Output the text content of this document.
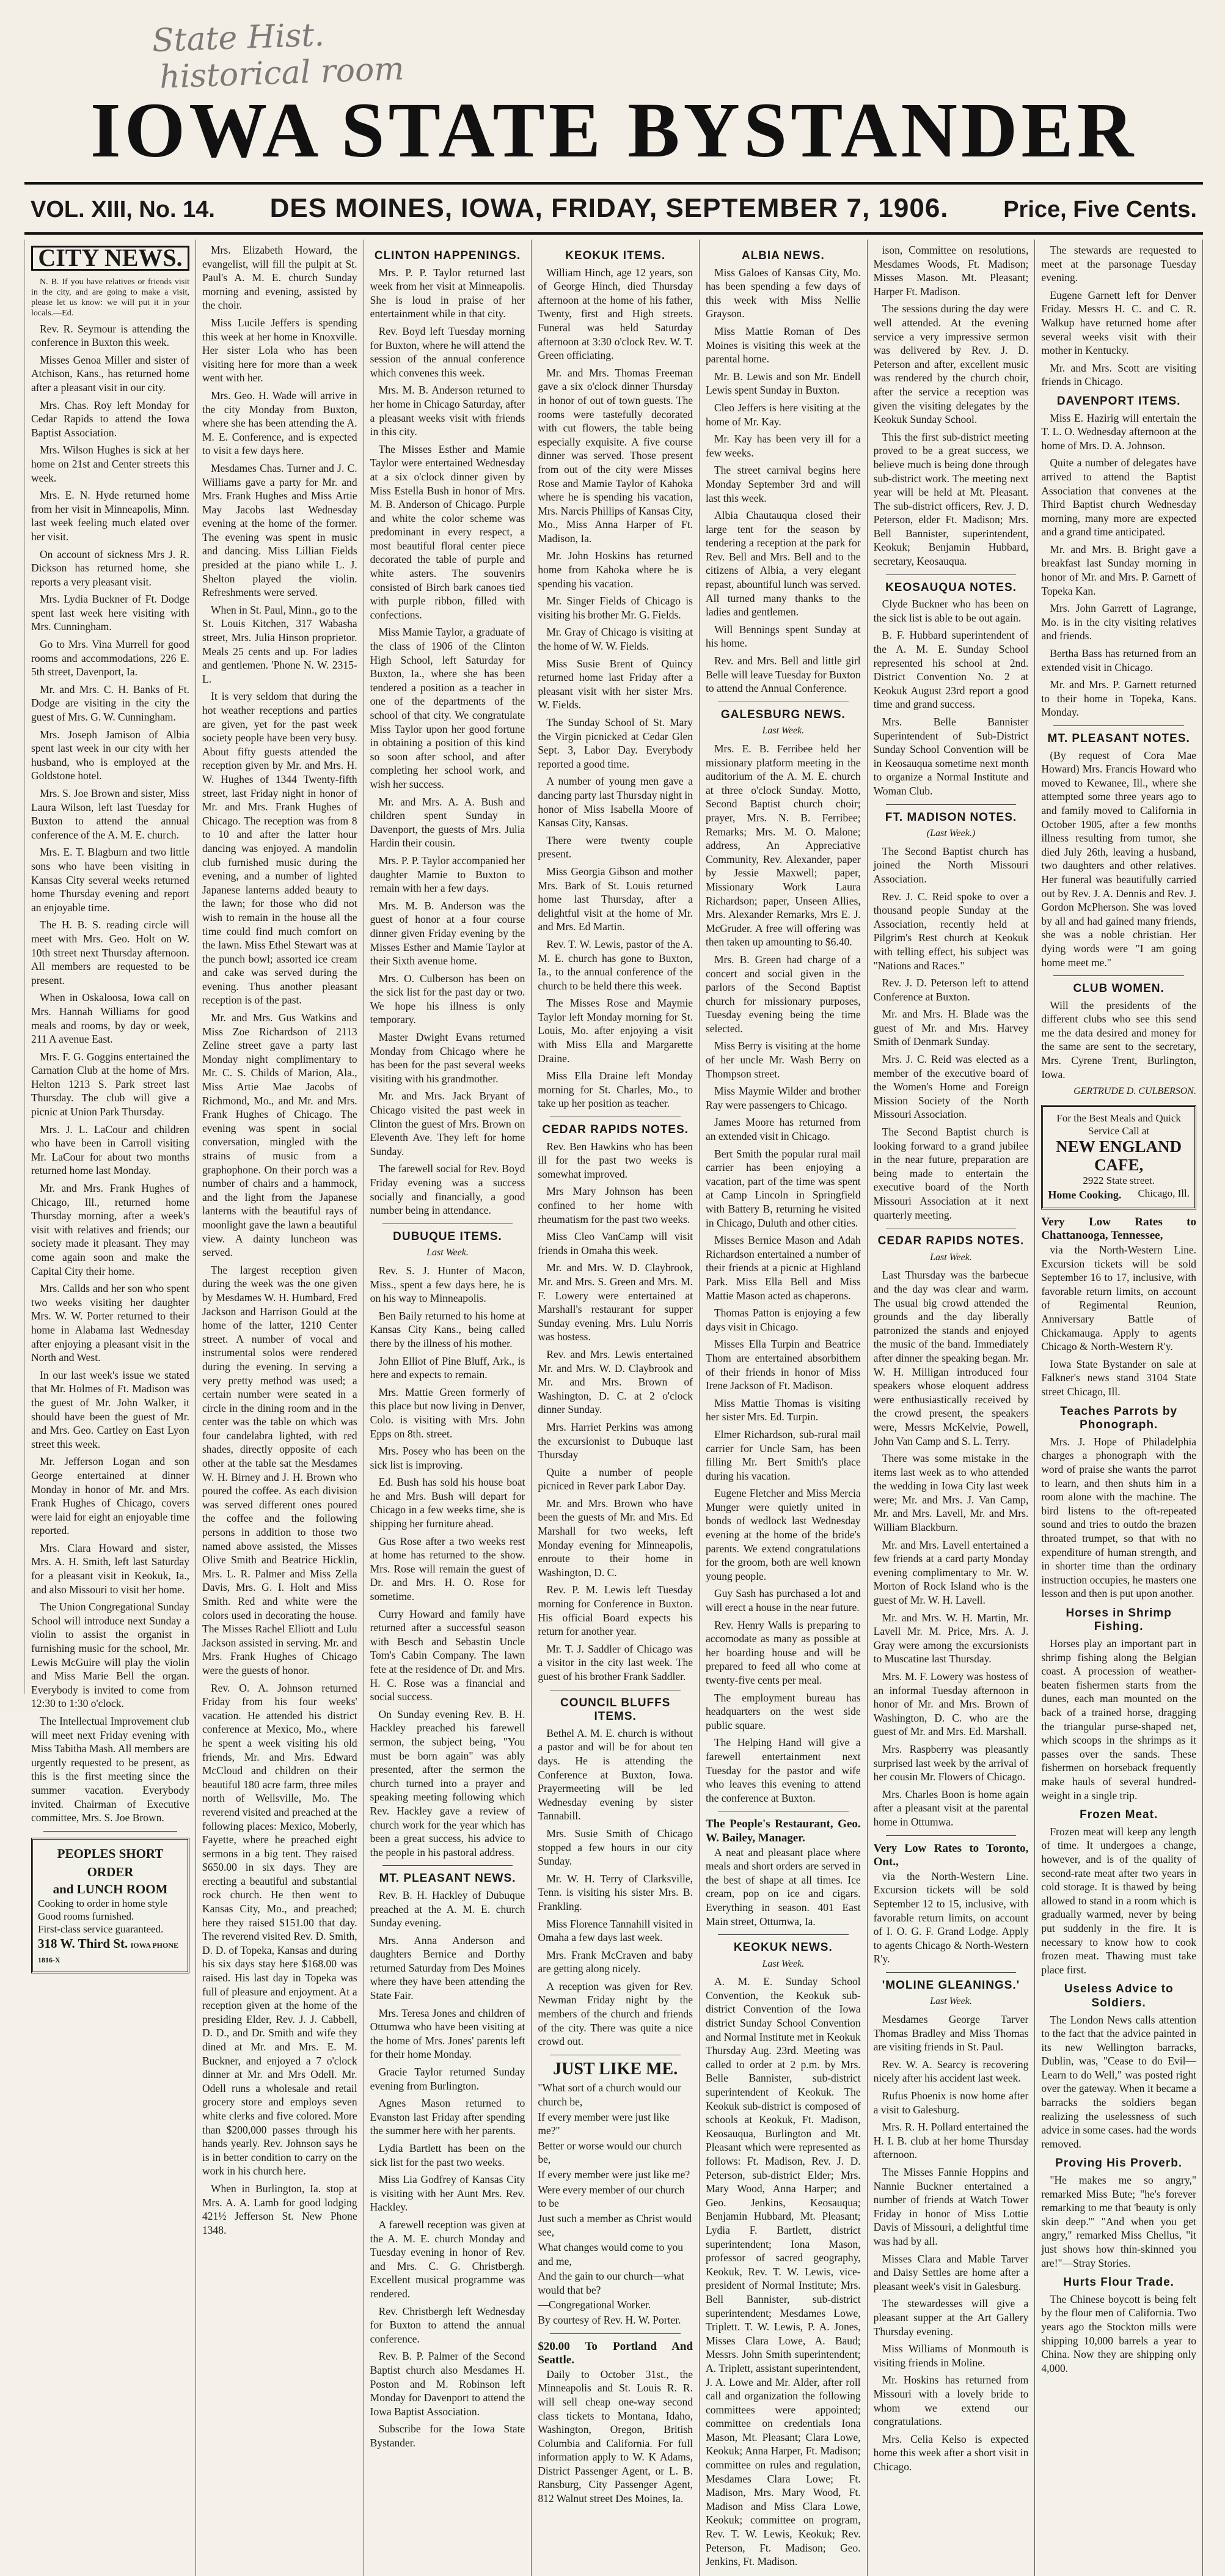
State Hist.
historical room
IOWA STATE BYSTANDER
VOL. XIII, No. 14. DES MOINES, IOWA, FRIDAY, SEPTEMBER 7, 1906. Price, Five Cents.
CITY NEWS.

N. B. If you have relatives or friends visit in the city, and are going to make a visit, please let us know: we will put it in your locals.—Ed.

Rev. R. Seymour is attending the conference in Buxton this week.

Misses Genoa Miller and sister of Atchison, Kans., has returned home after a pleasant visit in our city.

Mrs. Chas. Roy left Monday for Cedar Rapids to attend the Iowa Baptist Association.

Mrs. Wilson Hughes is sick at her home on 21st and Center streets this week.

Mrs. E. N. Hyde returned home from her visit in Minneapolis, Minn. last week feeling much elated over her visit.

On account of sickness Mrs J. R. Dickson has returned home, she reports a very pleasant visit.

Mrs. Lydia Buckner of Ft. Dodge spent last week here visiting with Mrs. Cunningham.

Go to Mrs. Vina Murrell for good rooms and accommodations, 226 E. 5th street, Davenport, Ia.

Mr. and Mrs. C. H. Banks of Ft. Dodge are visiting in the city the guest of Mrs. G. W. Cunningham.

Mrs. Joseph Jamison of Albia spent last week in our city with her husband, who is employed at the Goldstone hotel.

Mrs. S. Joe Brown and sister, Miss Laura Wilson, left last Tuesday for Buxton to attend the annual conference of the A. M. E. church.

Mrs. E. T. Blagburn and two little sons who have been visiting in Kansas City several weeks returned home Thursday evening and report an enjoyable time.

The H. B. S. reading circle will meet with Mrs. Geo. Holt on W. 10th street next Thursday afternoon. All members are requested to be present.

When in Oskaloosa, Iowa call on Mrs. Hannah Williams for good meals and rooms, by day or week, 211 A avenue East.

Mrs. F. G. Goggins entertained the Carnation Club at the home of Mrs. Helton 1213 S. Park street last Thursday. The club will give a picnic at Union Park Thursday.

Mrs. J. L. LaCour and children who have been in Carroll visiting Mr. LaCour for about two months returned home last Monday.

Mr. and Mrs. Frank Hughes of Chicago, Ill., returned home Thursday morning, after a week's visit with relatives and friends; our society made it pleasant. They may come again soon and make the Capital City their home.

Mrs. Callds and her son who spent two weeks visiting her daughter Mrs. W. W. Porter returned to their home in Alabama last Wednesday after enjoying a pleasant visit in the North and West.

In our last week's issue we stated that Mr. Holmes of Ft. Madison was the guest of Mr. John Walker, it should have been the guest of Mr. and Mrs. Geo. Cartley on East Lyon street this week.

Mr. Jefferson Logan and son George entertained at dinner Monday in honor of Mr. and Mrs. Frank Hughes of Chicago, covers were laid for eight an enjoyable time reported.

Mrs. Clara Howard and sister, Mrs. A. H. Smith, left last Saturday for a pleasant visit in Keokuk, Ia., and also Missouri to visit her home.

The Union Congregational Sunday School will introduce next Sunday a violin to assist the organist in furnishing music for the school, Mr. Lewis McGuire will play the violin and Miss Marie Bell the organ. Everybody is invited to come from 12:30 to 1:30 o'clock.

The Intellectual Improvement club will meet next Friday evening with Miss Tabitha Mash. All members are urgently requested to be present, as this is the first meeting since the summer vacation. Everybody invited. Chairman of Executive committee, Mrs. S. Joe Brown.

PEOPLES SHORT ORDER
and LUNCH ROOM
Cooking to order in home style
Good rooms furnished.
First-class service guaranteed.
318 W. Third St. IOWA PHONE 1816-X

Mrs. Elizabeth Howard, the evangelist, will fill the pulpit at St. Paul's A. M. E. church Sunday morning and evening, assisted by the choir.

Miss Lucile Jeffers is spending this week at her home in Knoxville. Her sister Lola who has been visiting here for more than a week went with her.

Mrs. Geo. H. Wade will arrive in the city Monday from Buxton, where she has been attending the A. M. E. Conference, and is expected to visit a few days here.

Mesdames Chas. Turner and J. C. Williams gave a party for Mr. and Mrs. Frank Hughes and Miss Artie May Jacobs last Wednesday evening at the home of the former. The evening was spent in music and dancing. Miss Lillian Fields presided at the piano while L. J. Shelton played the violin. Refreshments were served.

When in St. Paul, Minn., go to the St. Louis Kitchen, 317 Wabasha street, Mrs. Julia Hinson proprietor. Meals 25 cents and up. For ladies and gentlemen. 'Phone N. W. 2315-L.

It is very seldom that during the hot weather receptions and parties are given, yet for the past week society people have been very busy. About fifty guests attended the reception given by Mr. and Mrs. H. W. Hughes of 1344 Twenty-fifth street, last Friday night in honor of Mr. and Mrs. Frank Hughes of Chicago. The reception was from 8 to 10 and after the latter hour dancing was enjoyed. A mandolin club furnished music during the evening, and a number of lighted Japanese lanterns added beauty to the lawn; for those who did not wish to remain in the house all the time could find much comfort on the lawn. Miss Ethel Stewart was at the punch bowl; assorted ice cream and cake was served during the evening. Thus another pleasant reception is of the past.

Mr. and Mrs. Gus Watkins and Miss Zoe Richardson of 2113 Zeline street gave a party last Monday night complimentary to Mr. C. S. Childs of Marion, Ala., Miss Artie Mae Jacobs of Richmond, Mo., and Mr. and Mrs. Frank Hughes of Chicago. The evening was spent in social conversation, mingled with the strains of music from a graphophone. On their porch was a number of chairs and a hammock, and the light from the Japanese lanterns with the beautiful rays of moonlight gave the lawn a beautiful view. A dainty luncheon was served.

The largest reception given during the week was the one given by Mesdames W. H. Humbard, Fred Jackson and Harrison Gould at the home of the latter, 1210 Center street. A number of vocal and instrumental solos were rendered during the evening. In serving a very pretty method was used; a certain number were seated in a circle in the dining room and in the center was the table on which was four candelabra lighted, with red shades, directly opposite of each other at the table sat the Mesdames W. H. Birney and J. H. Brown who poured the coffee. As each division was served different ones poured the coffee and the following persons in addition to those two named above assisted, the Misses Olive Smith and Beatrice Hicklin, Mrs. L. R. Palmer and Miss Zella Davis, Mrs. G. I. Holt and Miss Smith. Red and white were the colors used in decorating the house. The Misses Rachel Elliott and Lulu Jackson assisted in serving. Mr. and Mrs. Frank Hughes of Chicago were the guests of honor.

Rev. O. A. Johnson returned Friday from his four weeks' vacation. He attended his district conference at Mexico, Mo., where he spent a week visiting his old friends, Mr. and Mrs. Edward McCloud and children on their beautiful 180 acre farm, three miles north of Wellsville, Mo. The reverend visited and preached at the following places: Mexico, Moberly, Fayette, where he preached eight sermons in a big tent. They raised $650.00 in six days. They are erecting a beautiful and substantial rock church. He then went to Kansas City, Mo., and preached; here they raised $151.00 that day. The reverend visited Rev. D. Smith, D. D. of Topeka, Kansas and during his six days stay here $168.00 was raised. His last day in Topeka was full of pleasure and enjoyment. At a reception given at the home of the presiding Elder, Rev. J. J. Cabbell, D. D., and Dr. Smith and wife they dined at Mr. and Mrs. E. M. Buckner, and enjoyed a 7 o'clock dinner at Mr. and Mrs Odell. Mr. Odell runs a wholesale and retail grocery store and employs seven white clerks and five colored. More than $200,000 passes through his hands yearly. Rev. Johnson says he is in better condition to carry on the work in his church here.

When in Burlington, Ia. stop at Mrs. A. A. Lamb for good lodging 421½ Jefferson St. New Phone 1348.

CLINTON HAPPENINGS.

Mrs. P. P. Taylor returned last week from her visit at Minneapolis. She is loud in praise of her entertainment while in that city.

Rev. Boyd left Tuesday morning for Buxton, where he will attend the session of the annual conference which convenes this week.

Mrs. M. B. Anderson returned to her home in Chicago Saturday, after a pleasant weeks visit with friends in this city.

The Misses Esther and Mamie Taylor were entertained Wednesday at a six o'clock dinner given by Miss Estella Bush in honor of Mrs. M. B. Anderson of Chicago. Purple and white the color scheme was predominant in every respect, a most beautiful floral center piece decorated the table of purple and white asters. The souvenirs consisted of Birch bark canoes tied with purple ribbon, filled with confections.

Miss Mamie Taylor, a graduate of the class of 1906 of the Clinton High School, left Saturday for Buxton, Ia., where she has been tendered a position as a teacher in one of the departments of the school of that city. We congratulate Miss Taylor upon her good fortune in obtaining a position of this kind so soon after school, and after completing her school work, and wish her success.

Mr. and Mrs. A. A. Bush and children spent Sunday in Davenport, the guests of Mrs. Julia Hardin their cousin.

Mrs. P. P. Taylor accompanied her daughter Mamie to Buxton to remain with her a few days.

Mrs. M. B. Anderson was the guest of honor at a four course dinner given Friday evening by the Misses Esther and Mamie Taylor at their Sixth avenue home.

Mrs. O. Culberson has been on the sick list for the past day or two. We hope his illness is only temporary.

Master Dwight Evans returned Monday from Chicago where he has been for the past several weeks visiting with his grandmother.

Mr. and Mrs. Jack Bryant of Chicago visited the past week in Clinton the guest of Mrs. Brown on Eleventh Ave. They left for home Sunday.

The farewell social for Rev. Boyd Friday evening was a success socially and financially, a good number being in attendance.

DUBUQUE ITEMS.
Last Week.

Rev. S. J. Hunter of Macon, Miss., spent a few days here, he is on his way to Minneapolis.

Ben Baily returned to his home at Kansas City Kans., being called there by the illness of his mother.

John Elliot of Pine Bluff, Ark., is here and expects to remain.

Mrs. Mattie Green formerly of this place but now living in Denver, Colo. is visiting with Mrs. John Epps on 8th. street.

Mrs. Posey who has been on the sick list is improving.

Ed. Bush has sold his house boat he and Mrs. Bush will depart for Chicago in a few weeks time, she is shipping her furniture ahead.

Gus Rose after a two weeks rest at home has returned to the show. Mrs. Rose will remain the guest of Dr. and Mrs. H. O. Rose for sometime.

Curry Howard and family have returned after a successful season with Besch and Sebastin Uncle Tom's Cabin Company. The lawn fete at the residence of Dr. and Mrs. H. C. Rose was a financial and social success.

On Sunday evening Rev. B. H. Hackley preached his farewell sermon, the subject being, "You must be born again" was ably presented, after the sermon the church turned into a prayer and speaking meeting following which Rev. Hackley gave a review of church work for the year which has been a great success, his advice to the people in his pastoral address.

MT. PLEASANT NEWS.

Rev. B. H. Hackley of Dubuque preached at the A. M. E. church Sunday evening.

Mrs. Anna Anderson and daughters Bernice and Dorthy returned Saturday from Des Moines where they have been attending the State Fair.

Mrs. Teresa Jones and children of Ottumwa who have been visiting at the home of Mrs. Jones' parents left for their home Monday.

Gracie Taylor returned Sunday evening from Burlington.

Agnes Mason returned to Evanston last Friday after spending the summer here with her parents.

Lydia Bartlett has been on the sick list for the past two weeks.

Miss Lia Godfrey of Kansas City is visiting with her Aunt Mrs. Rev. Hackley.

A farewell reception was given at the A. M. E. church Monday and Tuesday evening in honor of Rev. and Mrs. C. G. Christbergh. Excellent musical programme was rendered.

Rev. Christbergh left Wednesday for Buxton to attend the annual conference.

Rev. B. P. Palmer of the Second Baptist church also Mesdames H. Poston and M. Robinson left Monday for Davenport to attend the Iowa Baptist Association.

Subscribe for the Iowa State Bystander.

KEOKUK ITEMS.

William Hinch, age 12 years, son of George Hinch, died Thursday afternoon at the home of his father, Twenty, first and High streets. Funeral was held Saturday afternoon at 3:30 o'clock Rev. W. T. Green officiating.

Mr. and Mrs. Thomas Freeman gave a six o'clock dinner Thursday in honor of out of town guests. The rooms were tastefully decorated with cut flowers, the table being especially exquisite. A five course dinner was served. Those present from out of the city were Misses Rose and Mamie Taylor of Kahoka where he is spending his vacation, Mrs. Narcis Phillips of Kansas City, Mo., Miss Anna Harper of Ft. Madison, Ia.

Mr. John Hoskins has returned home from Kahoka where he is spending his vacation.

Mr. Singer Fields of Chicago is visiting his brother Mr. G. Fields.

Mr. Gray of Chicago is visiting at the home of W. W. Fields.

Miss Susie Brent of Quincy returned home last Friday after a pleasant visit with her sister Mrs. W. Fields.

The Sunday School of St. Mary the Virgin picnicked at Cedar Glen Sept. 3, Labor Day. Everybody reported a good time.

A number of young men gave a dancing party last Thursday night in honor of Miss Isabella Moore of Kansas City, Kansas.

There were twenty couple present.

Miss Georgia Gibson and mother Mrs. Bark of St. Louis returned home last Thursday, after a delightful visit at the home of Mr. and Mrs. Ed Martin.

Rev. T. W. Lewis, pastor of the A. M. E. church has gone to Buxton, Ia., to the annual conference of the church to be held there this week.

The Misses Rose and Maymie Taylor left Monday morning for St. Louis, Mo. after enjoying a visit with Miss Ella and Margarette Draine.

Miss Ella Draine left Monday morning for St. Charles, Mo., to take up her position as teacher.

CEDAR RAPIDS NOTES.

Rev. Ben Hawkins who has been ill for the past two weeks is somewhat improved.

Mrs Mary Johnson has been confined to her home with rheumatism for the past two weeks.

Miss Cleo VanCamp will visit friends in Omaha this week.

Mr. and Mrs. W. D. Claybrook, Mr. and Mrs. S. Green and Mrs. M. F. Lowery were entertained at Marshall's restaurant for supper Sunday evening. Mrs. Lulu Norris was hostess.

Rev. and Mrs. Lewis entertained Mr. and Mrs. W. D. Claybrook and Mr. and Mrs. Brown of Washington, D. C. at 2 o'clock dinner Sunday.

Mrs. Harriet Perkins was among the excursionist to Dubuque last Thursday

Quite a number of people picniced in Rever park Labor Day.

Mr. and Mrs. Brown who have been the guests of Mr. and Mrs. Ed Marshall for two weeks, left Monday evening for Minneapolis, enroute to their home in Washington, D. C.

Rev. P. M. Lewis left Tuesday morning for Conference in Buxton. His official Board expects his return for another year.

Mr. T. J. Saddler of Chicago was a visitor in the city last week. The guest of his brother Frank Saddler.

COUNCIL BLUFFS ITEMS.

Bethel A. M. E. church is without a pastor and will be for about ten days. He is attending the Conference at Buxton, Iowa. Prayermeeting will be led Wednesday evening by sister Tannabill.

Mrs. Susie Smith of Chicago stopped a few hours in our city Sunday.

Mr. W. H. Terry of Clarksville, Tenn. is visiting his sister Mrs. B. Frankling.

Miss Florence Tannahill visited in Omaha a few days last week.

Mrs. Frank McCraven and baby are getting along nicely.

A reception was given for Rev. Newman Friday night by the members of the church and friends of the city. There was quite a nice crowd out.

JUST LIKE ME.

"What sort of a church would our church be,

If every member were just like me?"

Better or worse would our church be,

If every member were just like me?

Were every member of our church to be

Just such a member as Christ would see,

What changes would come to you and me,

And the gain to our church—what would that be?

—Congregational Worker.

By courtesy of Rev. H. W. Porter.

$20.00 To Portland And Seattle.

Daily to October 31st., the Minneapolis and St. Louis R. R. will sell cheap one-way second class tickets to Montana, Idaho, Washington, Oregon, British Columbia and California. For full information apply to W. K Adams, District Passenger Agent, or L. B. Ransburg, City Passenger Agent, 812 Walnut street Des Moines, Ia.

ALBIA NEWS.

Miss Galoes of Kansas City, Mo. has been spending a few days of this week with Miss Nellie Grayson.

Miss Mattie Roman of Des Moines is visiting this week at the parental home.

Mr. B. Lewis and son Mr. Endell Lewis spent Sunday in Buxton.

Cleo Jeffers is here visiting at the home of Mr. Kay.

Mr. Kay has been very ill for a few weeks.

The street carnival begins here Monday September 3rd and will last this week.

Albia Chautauqua closed their large tent for the season by tendering a reception at the park for Rev. Bell and Mrs. Bell and to the citizens of Albia, a very elegant repast, abountiful lunch was served. All turned many thanks to the ladies and gentlemen.

Will Bennings spent Sunday at his home.

Rev. and Mrs. Bell and little girl Belle will leave Tuesday for Buxton to attend the Annual Conference.

GALESBURG NEWS.
Last Week.

Mrs. E. B. Ferribee held her missionary platform meeting in the auditorium of the A. M. E. church at three o'clock Sunday. Motto, Second Baptist church choir; prayer, Mrs. N. B. Ferribee; Remarks; Mrs. M. O. Malone; address, An Appreciative Community, Rev. Alexander, paper by Jessie Maxwell; paper, Missionary Work Laura Richardson; paper, Unseen Allies, Mrs. Alexander Remarks, Mrs E. J. McGruder. A free will offering was then taken up amounting to $6.40.

Mrs. B. Green had charge of a concert and social given in the parlors of the Second Baptist church for missionary purposes, Tuesday evening being the time selected.

Miss Berry is visiting at the home of her uncle Mr. Wash Berry on Thompson street.

Miss Maymie Wilder and brother Ray were passengers to Chicago.

James Moore has returned from an extended visit in Chicago.

Bert Smith the popular rural mail carrier has been enjoying a vacation, part of the time was spent at Camp Lincoln in Springfield with Battery B, returning he visited in Chicago, Duluth and other cities.

Misses Bernice Mason and Adah Richardson entertained a number of their friends at a picnic at Highland Park. Miss Ella Bell and Miss Mattie Mason acted as chaperons.

Thomas Patton is enjoying a few days visit in Chicago.

Misses Ella Turpin and Beatrice Thom are entertained absorbithem of their friends in honor of Miss Irene Jackson of Ft. Madison.

Miss Mattie Thomas is visiting her sister Mrs. Ed. Turpin.

Elmer Richardson, sub-rural mail carrier for Uncle Sam, has been filling Mr. Bert Smith's place during his vacation.

Eugene Fletcher and Miss Mercia Munger were quietly united in bonds of wedlock last Wednesday evening at the home of the bride's parents. We extend congratulations for the groom, both are well known young people.

Guy Sash has purchased a lot and will erect a house in the near future.

Rev. Henry Walls is preparing to accomodate as many as possible at her boarding house and will be prepared to feed all who come at twenty-five cents per meal.

The employment bureau has headquarters on the west side public square.

The Helping Hand will give a farewell entertainment next Tuesday for the pastor and wife who leaves this evening to attend the conference at Buxton.

The People's Restaurant, Geo. W. Bailey, Manager.

A neat and pleasant place where meals and short orders are served in the best of shape at all times. Ice cream, pop on ice and cigars. Everything in season. 401 East Main street, Ottumwa, Ia.

KEOKUK NEWS.
Last Week.

A. M. E. Sunday School Convention, the Keokuk sub-district Convention of the Iowa district Sunday School Convention and Normal Institute met in Keokuk Thursday Aug. 23rd. Meeting was called to order at 2 p.m. by Mrs. Belle Bannister, sub-district superintendent of Keokuk. The Keokuk sub-district is composed of schools at Keokuk, Ft. Madison, Keosauqua, Burlington and Mt. Pleasant which were represented as follows: Ft. Madison, Rev. J. D. Peterson, sub-district Elder; Mrs. Mary Wood, Anna Harper; and Geo. Jenkins, Keosauqua; Benjamin Hubbard, Mt. Pleasant; Lydia F. Bartlett, district superintendent; Iona Mason, professor of sacred geography, Keokuk, Rev. T. W. Lewis, vice-president of Normal Institute; Mrs. Bell Bannister, sub-district superintendent; Mesdames Lowe, Triplett. T. W. Lewis, P. A. Jones, Misses Clara Lowe, A. Baud; Messrs. John Smith superintendent; A. Triplett, assistant superintendent, J. A. Lowe and Mr. Alder, after roll call and organization the following committees were appointed; committee on credentials Iona Mason, Mt. Pleasant; Clara Lowe, Keokuk; Anna Harper, Ft. Madison; committee on rules and regulation, Mesdames Clara Lowe; Ft. Madison, Mrs. Mary Wood, Ft. Madison and Miss Clara Lowe, Keokuk; committee on program, Rev. T. W. Lewis, Keokuk; Rev. Peterson, Ft. Madison; Geo. Jenkins, Ft. Madison.

ison, Committee on resolutions, Mesdames Woods, Ft. Madison; Misses Mason. Mt. Pleasant; Harper Ft. Madison.

The sessions during the day were well attended. At the evening service a very impressive sermon was delivered by Rev. J. D. Peterson and after, excellent music was rendered by the church choir, after the service a reception was given the visiting delegates by the Keokuk Sunday School.

This the first sub-district meeting proved to be a great success, we believe much is being done through sub-district work. The meeting next year will be held at Mt. Pleasant. The sub-district officers, Rev. J. D. Peterson, elder Ft. Madison; Mrs. Bell Bannister, superintendent, Keokuk; Benjamin Hubbard, secretary, Keosauqua.

KEOSAUQUA NOTES.

Clyde Buckner who has been on the sick list is able to be out again.

B. F. Hubbard superintendent of the A. M. E. Sunday School represented his school at 2nd. District Convention No. 2 at Keokuk August 23rd report a good time and grand success.

Mrs. Belle Bannister Superintendent of Sub-District Sunday School Convention will be in Keosauqua sometime next month to organize a Normal Institute and Woman Club.

FT. MADISON NOTES.
(Last Week.)

The Second Baptist church has joined the North Missouri Association.

Rev. J. C. Reid spoke to over a thousand people Sunday at the Association, recently held at Pilgrim's Rest church at Keokuk with telling effect, his subject was "Nations and Races."

Rev. J. D. Peterson left to attend Conference at Buxton.

Mr. and Mrs. H. Blade was the guest of Mr. and Mrs. Harvey Smith of Denmark Sunday.

Mrs. J. C. Reid was elected as a member of the executive board of the Women's Home and Foreign Mission Society of the North Missouri Association.

The Second Baptist church is looking forward to a grand jubilee in the near future, preparation are being made to entertain the executive board of the North Missouri Association at it next quarterly meeting.

CEDAR RAPIDS NOTES.
Last Week.

Last Thursday was the barbecue and the day was clear and warm. The usual big crowd attended the grounds and the day liberally patronized the stands and enjoyed the music of the band. Immediately after dinner the speaking began. Mr. W. H. Milligan introduced four speakers whose eloquent address were enthusiastically received by the crowd present, the speakers were, Messrs McKelvie, Powell, John Van Camp and S. L. Terry.

There was some mistake in the items last week as to who attended the wedding in Iowa City last week were; Mr. and Mrs. J. Van Camp, Mr. and Mrs. Lavell, Mr. and Mrs. William Blackburn.

Mr. and Mrs. Lavell entertained a few friends at a card party Monday evening complimentary to Mr. W. Morton of Rock Island who is the guest of Mr. W. H. Lavell.

Mr. and Mrs. W. H. Martin, Mr. Lavell Mr. M. Price, Mrs. A. J. Gray were among the excursionists to Muscatine last Thursday.

Mrs. M. F. Lowery was hostess of an informal Tuesday afternoon in honor of Mr. and Mrs. Brown of Washington, D. C. who are the guest of Mr. and Mrs. Ed. Marshall.

Mrs. Raspberry was pleasantly surprised last week by the arrival of her cousin Mr. Flowers of Chicago.

Mrs. Charles Boon is home again after a pleasant visit at the parental home in Ottumwa.

Very Low Rates to Toronto, Ont.,

via the North-Western Line. Excursion tickets will be sold September 12 to 15, inclusive, with favorable return limits, on account of I. O. G. F. Grand Lodge. Apply to agents Chicago & North-Western R'y.

'MOLINE GLEANINGS.'
Last Week.

Mesdames George Tarver Thomas Bradley and Miss Thomas are visiting friends in St. Paul.

Rev. W. A. Searcy is recovering nicely after his accident last week.

Rufus Phoenix is now home after a visit to Galesburg.

Mrs. R. H. Pollard entertained the H. I. B. club at her home Thursday afternoon.

The Misses Fannie Hoppins and Nannie Buckner entertained a number of friends at Watch Tower Friday in honor of Miss Lottie Davis of Missouri, a delightful time was had by all.

Misses Clara and Mable Tarver and Daisy Settles are home after a pleasant week's visit in Galesburg.

The stewardesses will give a pleasant supper at the Art Gallery Thursday evening.

Miss Williams of Monmouth is visiting friends in Moline.

Mr. Hoskins has returned from Missouri with a lovely bride to whom we extend our congratulations.

Mrs. Celia Kelso is expected home this week after a short visit in Chicago.

The stewards are requested to meet at the parsonage Tuesday evening.

Eugene Garnett left for Denver Friday. Messrs H. C. and C. R. Walkup have returned home after several weeks visit with their mother in Kentucky.

Mr. and Mrs. Scott are visiting friends in Chicago.

DAVENPORT ITEMS.

Miss E. Hazirig will entertain the T. L. O. Wednesday afternoon at the home of Mrs. D. A. Johnson.

Quite a number of delegates have arrived to attend the Baptist Association that convenes at the Third Baptist church Wednesday morning, many more are expected and a grand time anticipated.

Mr. and Mrs. B. Bright gave a breakfast last Sunday morning in honor of Mr. and Mrs. P. Garnett of Topeka Kan.

Mrs. John Garrett of Lagrange, Mo. is in the city visiting relatives and friends.

Bertha Bass has returned from an extended visit in Chicago.

Mr. and Mrs. P. Garnett returned to their home in Topeka, Kans. Monday.

MT. PLEASANT NOTES.

(By request of Cora Mae Howard) Mrs. Francis Howard who moved to Kewanee, Ill., where she attempted some three years ago to and family moved to California in October 1905, after a few months illness resulting from tumor, she died July 26th, leaving a husband, two daughters and other relatives. Her funeral was beautifully carried out by Rev. J. A. Dennis and Rev. J. Gordon McPherson. She was loved by all and had gained many friends, she was a noble christian. Her dying words were "I am going home meet me."

CLUB WOMEN.

Will the presidents of the different clubs who see this send me the data desired and money for the same are sent to the secretary, Mrs. Cyrene Trent, Burlington, Iowa.

GERTRUDE D. CULBERSON.
For the Best Meals and Quick Service Call at
NEW ENGLAND CAFE,
2922 State street.
Home Cooking. Chicago, Ill.
Very Low Rates to Chattanooga, Tennessee,

via the North-Western Line. Excursion tickets will be sold September 16 to 17, inclusive, with favorable return limits, on account of Regimental Reunion, Anniversary Battle of Chickamauga. Apply to agents Chicago & North-Western R'y.

Iowa State Bystander on sale at Falkner's news stand 3104 State street Chicago, Ill.

Teaches Parrots by Phonograph.

Mrs. J. Hope of Philadelphia charges a phonograph with the word of praise she wants the parrot to learn, and then shuts him in a room alone with the machine. The bird listens to the oft-repeated sound and tries to outdo the brazen throated trumpet, so that with no expenditure of human strength, and in shorter time than the ordinary instruction occupies, he masters one lesson and then is put upon another.

Horses in Shrimp Fishing.

Horses play an important part in shrimp fishing along the Belgian coast. A procession of weather-beaten fishermen starts from the dunes, each man mounted on the back of a trained horse, dragging the triangular purse-shaped net, which scoops in the shrimps as it passes over the sands. These fishermen on horseback frequently make hauls of several hundred-weight in a single trip.

Frozen Meat.

Frozen meat will keep any length of time. It undergoes a change, however, and is of the quality of second-rate meat after two years in cold storage. It is thawed by being allowed to stand in a room which is gradually warmed, never by being put suddenly in the fire. It is necessary to know how to cook frozen meat. Thawing must take place first.

Useless Advice to Soldiers.

The London News calls attention to the fact that the advice painted in its new Wellington barracks, Dublin, was, "Cease to do Evil—Learn to do Well," was posted right over the gateway. When it became a barracks the soldiers began realizing the uselessness of such advice in some cases. had the words removed.

Proving His Proverb.

"He makes me so angry," remarked Miss Bute; "he's forever remarking to me that 'beauty is only skin deep.'" "And when you get angry," remarked Miss Chellus, "it just shows how thin-skinned you are!"—Stray Stories.

Hurts Flour Trade.

The Chinese boycott is being felt by the flour men of California. Two years ago the Stockton mills were shipping 10,000 barrels a year to China. Now they are shipping only 4,000.
